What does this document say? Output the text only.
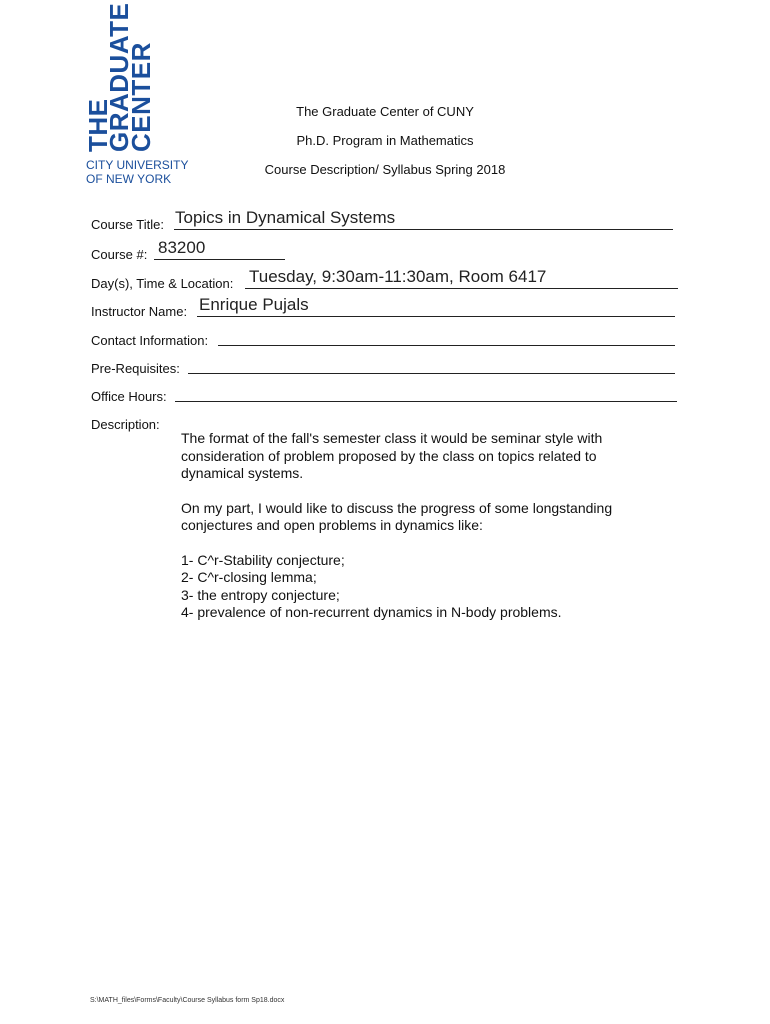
THE
GRADUATE
CENTER
CITY UNIVERSITY
OF NEW YORK
The Graduate Center of CUNY
Ph.D. Program in Mathematics
Course Description/ Syllabus Spring 2018
Course Title: Topics in Dynamical Systems
Course #: 83200
Day(s), Time & Location: Tuesday, 9:30am-11:30am, Room 6417
Instructor Name: Enrique Pujals
Contact Information:
Pre-Requisites:
Office Hours:
Description:

The format of the fall's semester class it would be seminar style with consideration of problem proposed by the class on topics related to dynamical systems.

On my part, I would like to discuss the progress of some longstanding conjectures and open problems in dynamics like:

1- C^r-Stability conjecture;
2- C^r-closing lemma;
3- the entropy conjecture;
4- prevalence of non-recurrent dynamics in N-body problems.
S:\MATH_files\Forms\Faculty\Course Syllabus form Sp18.docx
